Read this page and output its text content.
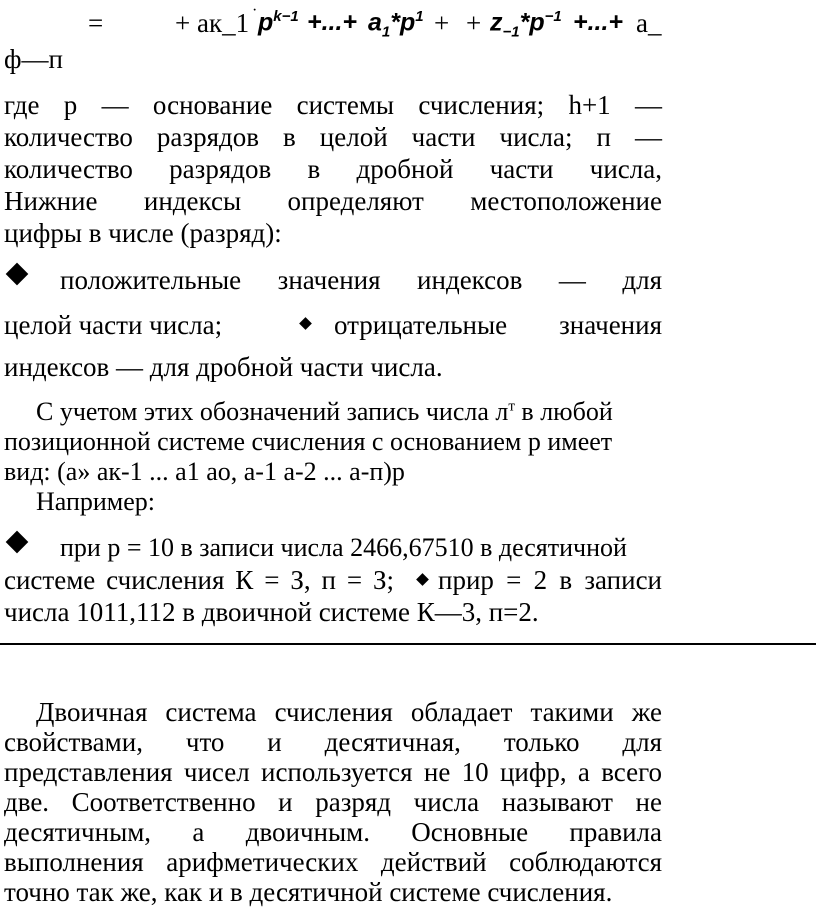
=	+ ак_1 · $p^{k-1}$ +...+ $a_1*p^1$ + + $z_{-1}*p^{-1}$ +...+ а_
ф—п
где р — основание системы счисления; h+1 —
количество разрядов в целой части числа; п —
количество разрядов в дробной части числа,
Нижние индексы определяют местоположение
цифры в числе (разряд):
положительные значения индексов — для
целой части числа;	отрицательные значения
индексов — для дробной части числа.
С учетом этих обозначений запись числа $л^т$ в любой
позиционной системе счисления с основанием р имеет
вид: (а» ак-1 ... а1 ао, а-1 а-2 ... а-п)р
Например:
при р = 10 в записи числа 2466,67510 в десятичной
системе счисления К = З, п = З; прир = 2 в записи
числа 1011,112 в двоичной системе К—3, п=2.
Двоичная система счисления обладает такими же
свойствами, что и десятичная, только для
представления чисел используется не 10 цифр, а всего
две. Соответственно и разряд числа называют не
десятичным, а двоичным. Основные правила
выполнения арифметических действий соблюдаются
точно так же, как и в десятичной системе счисления.
